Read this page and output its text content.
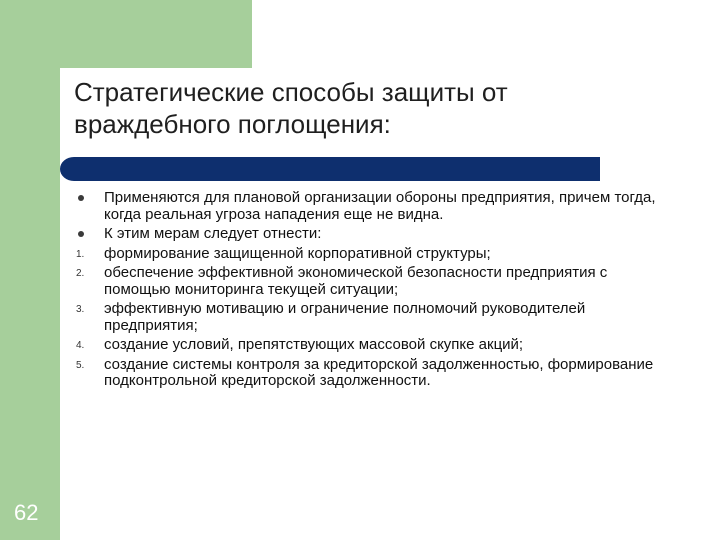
Стратегические способы защиты от
враждебного поглощения:
Применяются для плановой организации обороны предприятия, причем тогда, когда реальная угроза нападения еще не видна.
К этим мерам следует отнести:
1.	формирование защищенной корпоративной структуры;
2.	обеспечение эффективной экономической безопасности предприятия с помощью мониторинга текущей ситуации;
3.	эффективную мотивацию и ограничение полномочий руководителей предприятия;
4.	создание условий, препятствующих массовой скупке акций;
5.	создание системы контроля за кредиторской задолженностью, формирование подконтрольной кредиторской задолженности.
62
